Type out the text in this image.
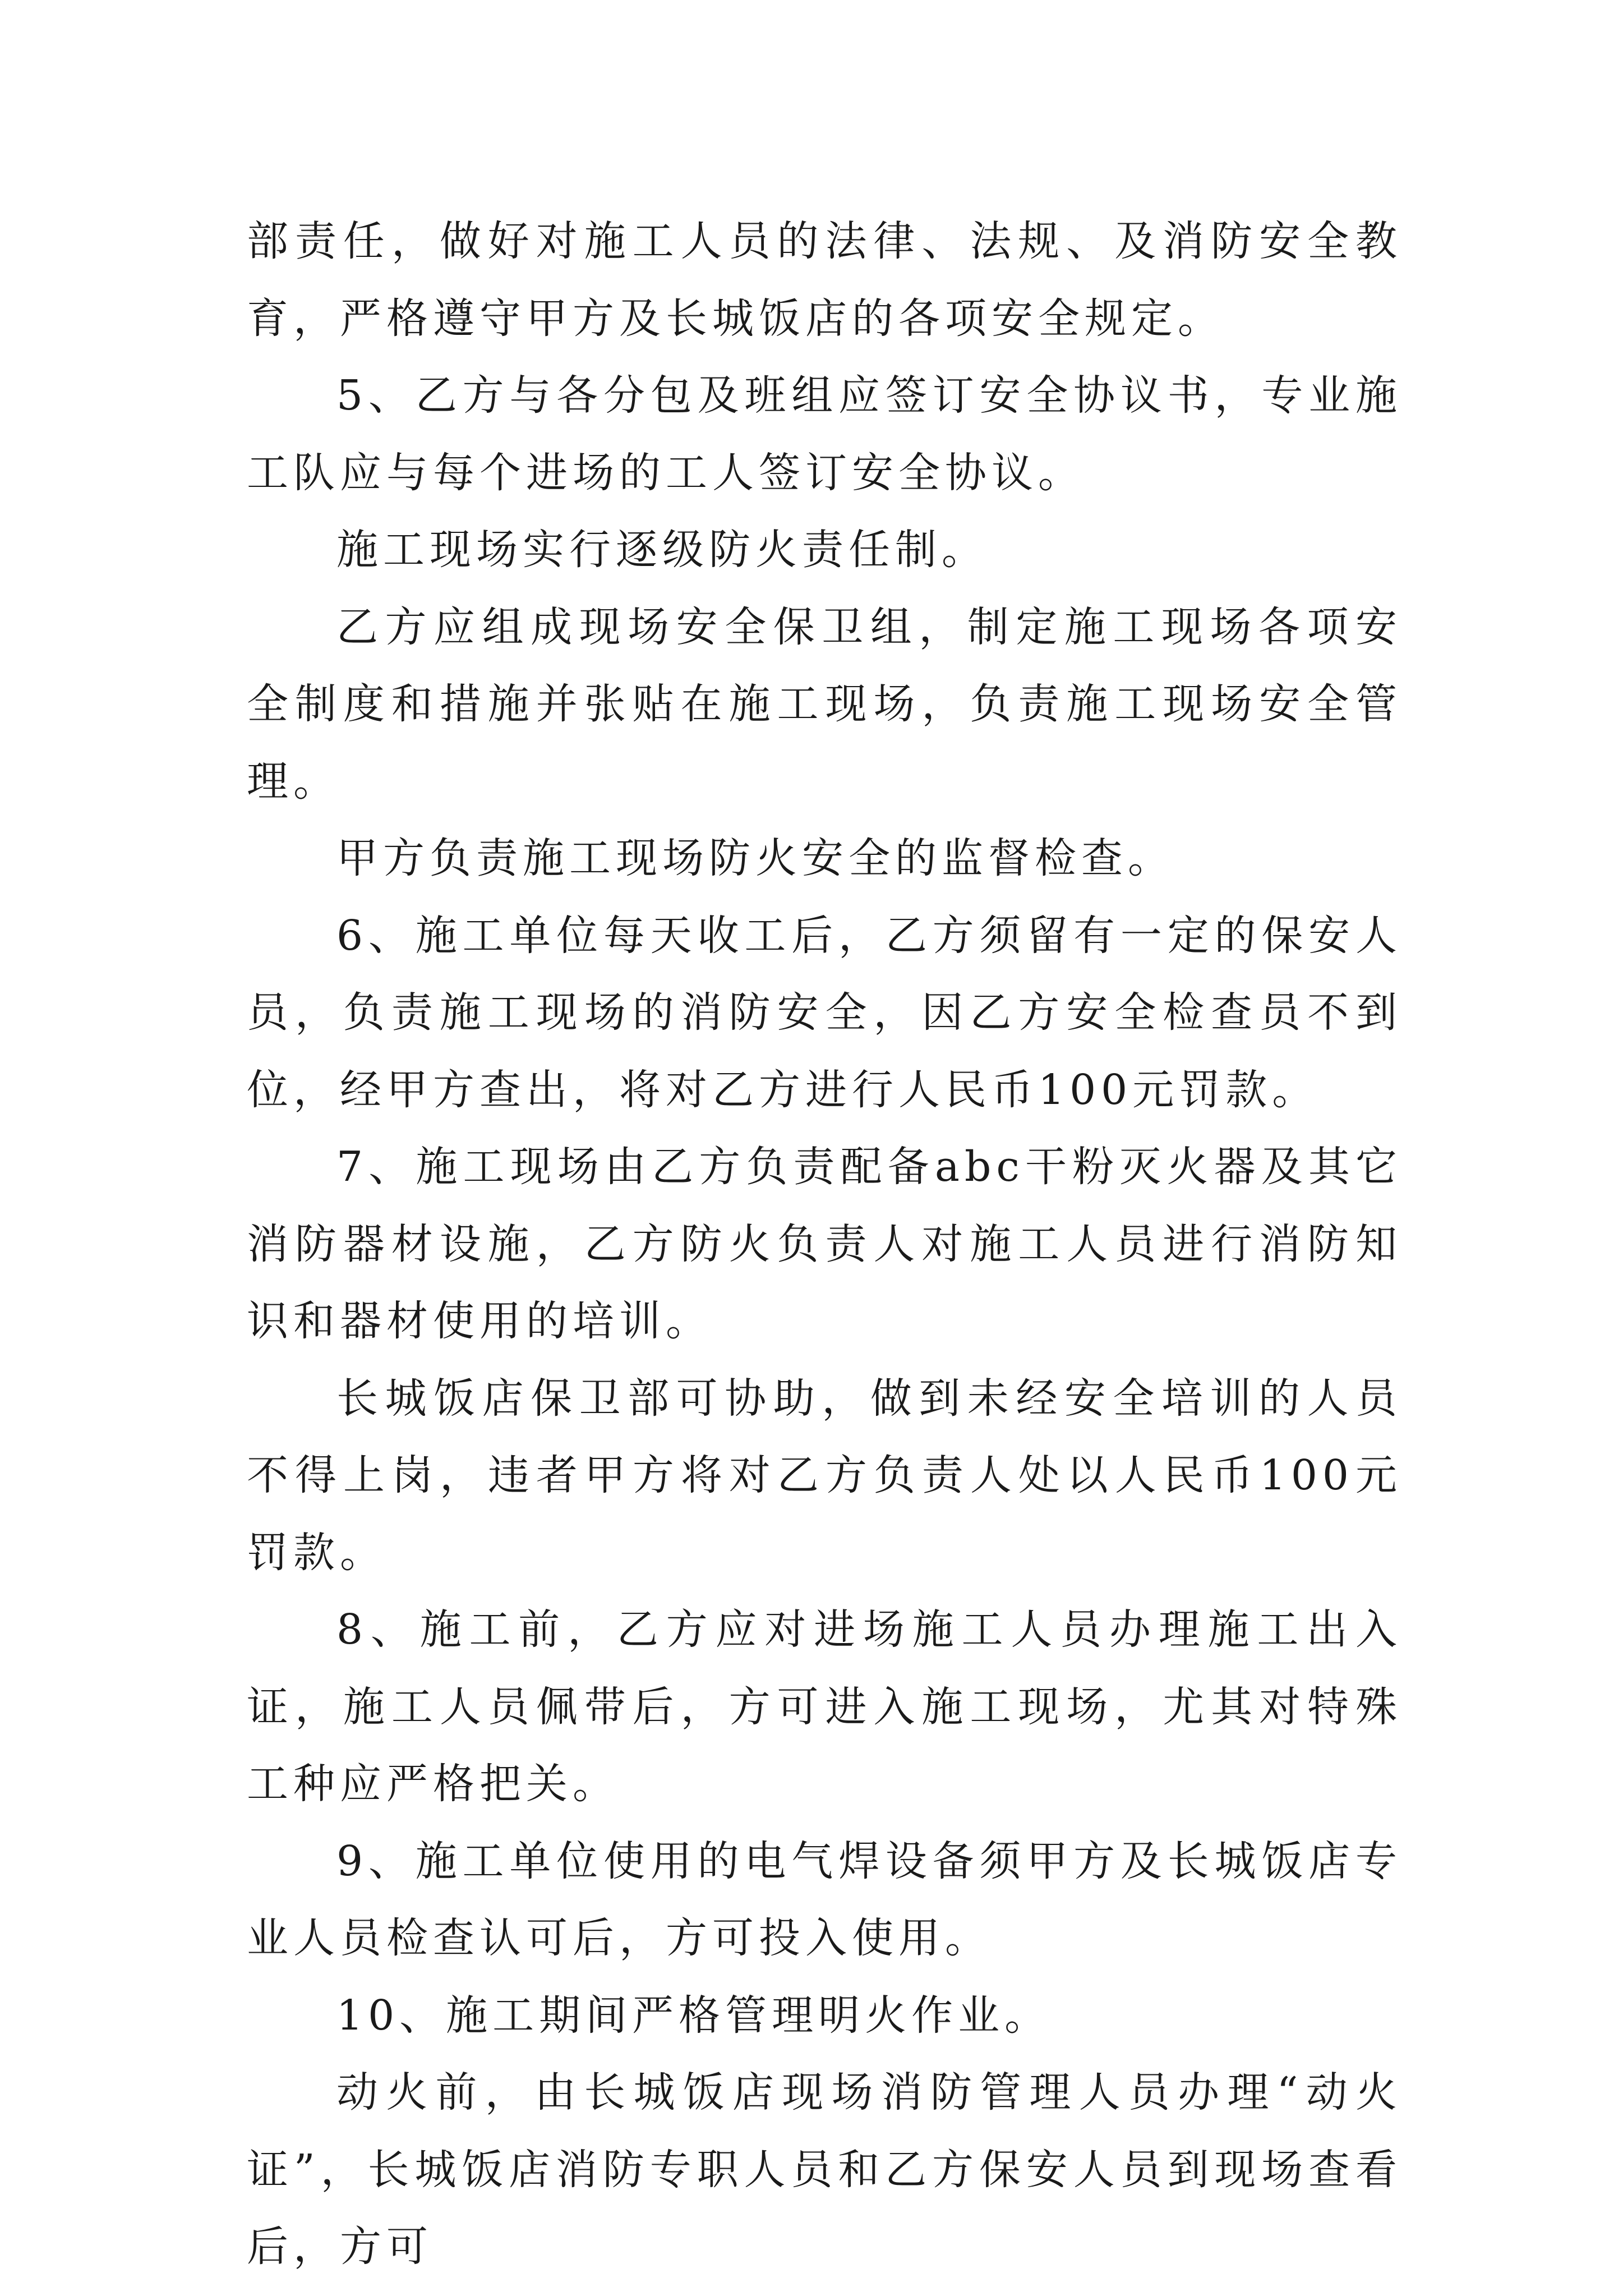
部责任，做好对施工人员的法律、法规、及消防安全教育，严格遵守甲方及长城饭店的各项安全规定。

5、乙方与各分包及班组应签订安全协议书，专业施工队应与每个进场的工人签订安全协议。

施工现场实行逐级防火责任制。

乙方应组成现场安全保卫组，制定施工现场各项安全制度和措施并张贴在施工现场，负责施工现场安全管理。

甲方负责施工现场防火安全的监督检查。

6、施工单位每天收工后，乙方须留有一定的保安人员，负责施工现场的消防安全，因乙方安全检查员不到位，经甲方查出，将对乙方进行人民币100元罚款。

7、施工现场由乙方负责配备abc干粉灭火器及其它消防器材设施，乙方防火负责人对施工人员进行消防知识和器材使用的培训。

长城饭店保卫部可协助，做到未经安全培训的人员不得上岗，违者甲方将对乙方负责人处以人民币100元罚款。

8、施工前，乙方应对进场施工人员办理施工出入证，施工人员佩带后，方可进入施工现场，尤其对特殊工种应严格把关。

9、施工单位使用的电气焊设备须甲方及长城饭店专业人员检查认可后，方可投入使用。

10、施工期间严格管理明火作业。

动火前，由长城饭店现场消防管理人员办理“动火证”，长城饭店消防专职人员和乙方保安人员到现场查看后，方可
